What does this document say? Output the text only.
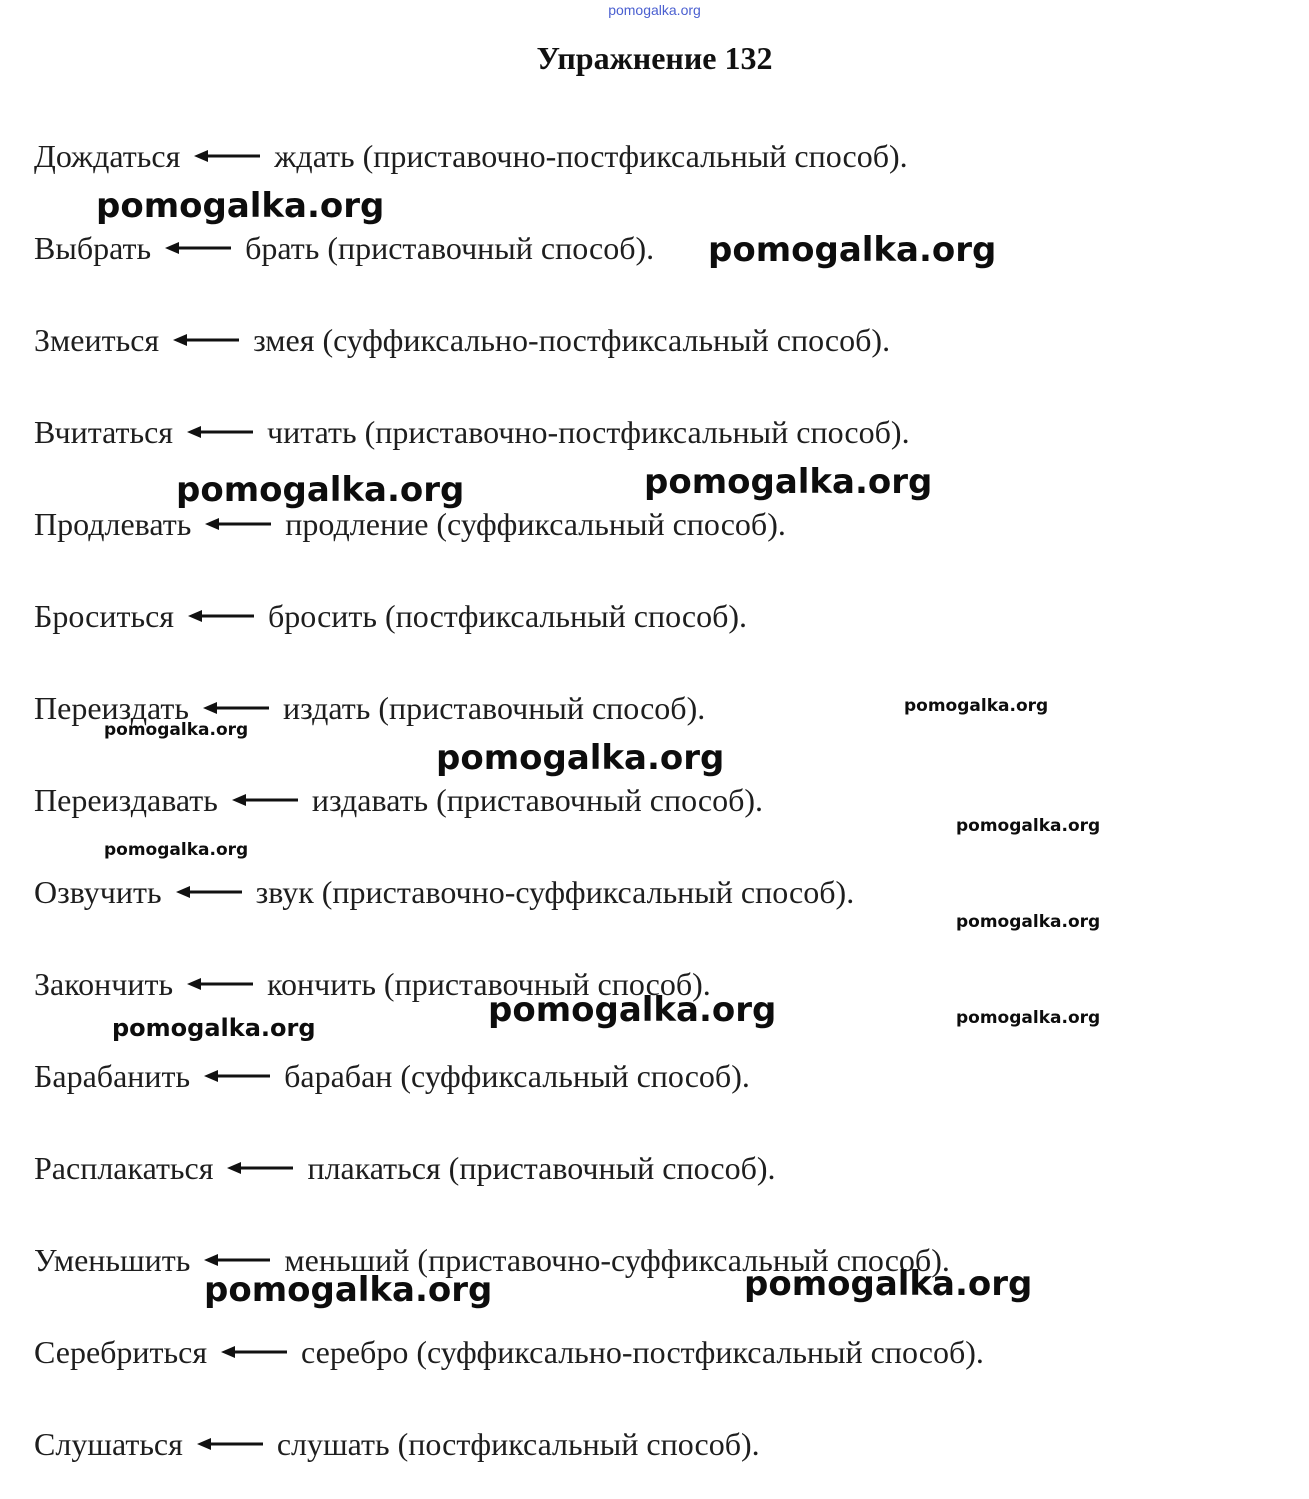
pomogalka.org
Упражнение 132
Дождаться	ждать (приставочно-постфиксальный способ).
Выбрать	брать (приставочный способ).
Змеиться	змея (суффиксально-постфиксальный способ).
Вчитаться	читать (приставочно-постфиксальный способ).
Продлевать	продление (суффиксальный способ).
Броситься	бросить (постфиксальный способ).
Переиздать	издать (приставочный способ).
Переиздавать	издавать (приставочный способ).
Озвучить	звук (приставочно-суффиксальный способ).
Закончить	кончить (приставочный способ).
Барабанить	барабан (суффиксальный способ).
Расплакаться	плакаться (приставочный способ).
Уменьшить	меньший (приставочно-суффиксальный способ).
Серебриться	серебро (суффиксально-постфиксальный способ).
Слушаться	слушать (постфиксальный способ).
pomogalka.org
pomogalka.org
pomogalka.org	pomogalka.org
pomogalka.org
pomogalka.org
pomogalka.org
pomogalka.org
pomogalka.org
pomogalka.org
pomogalka.org	pomogalka.org
pomogalka.org
pomogalka.org	pomogalka.org
